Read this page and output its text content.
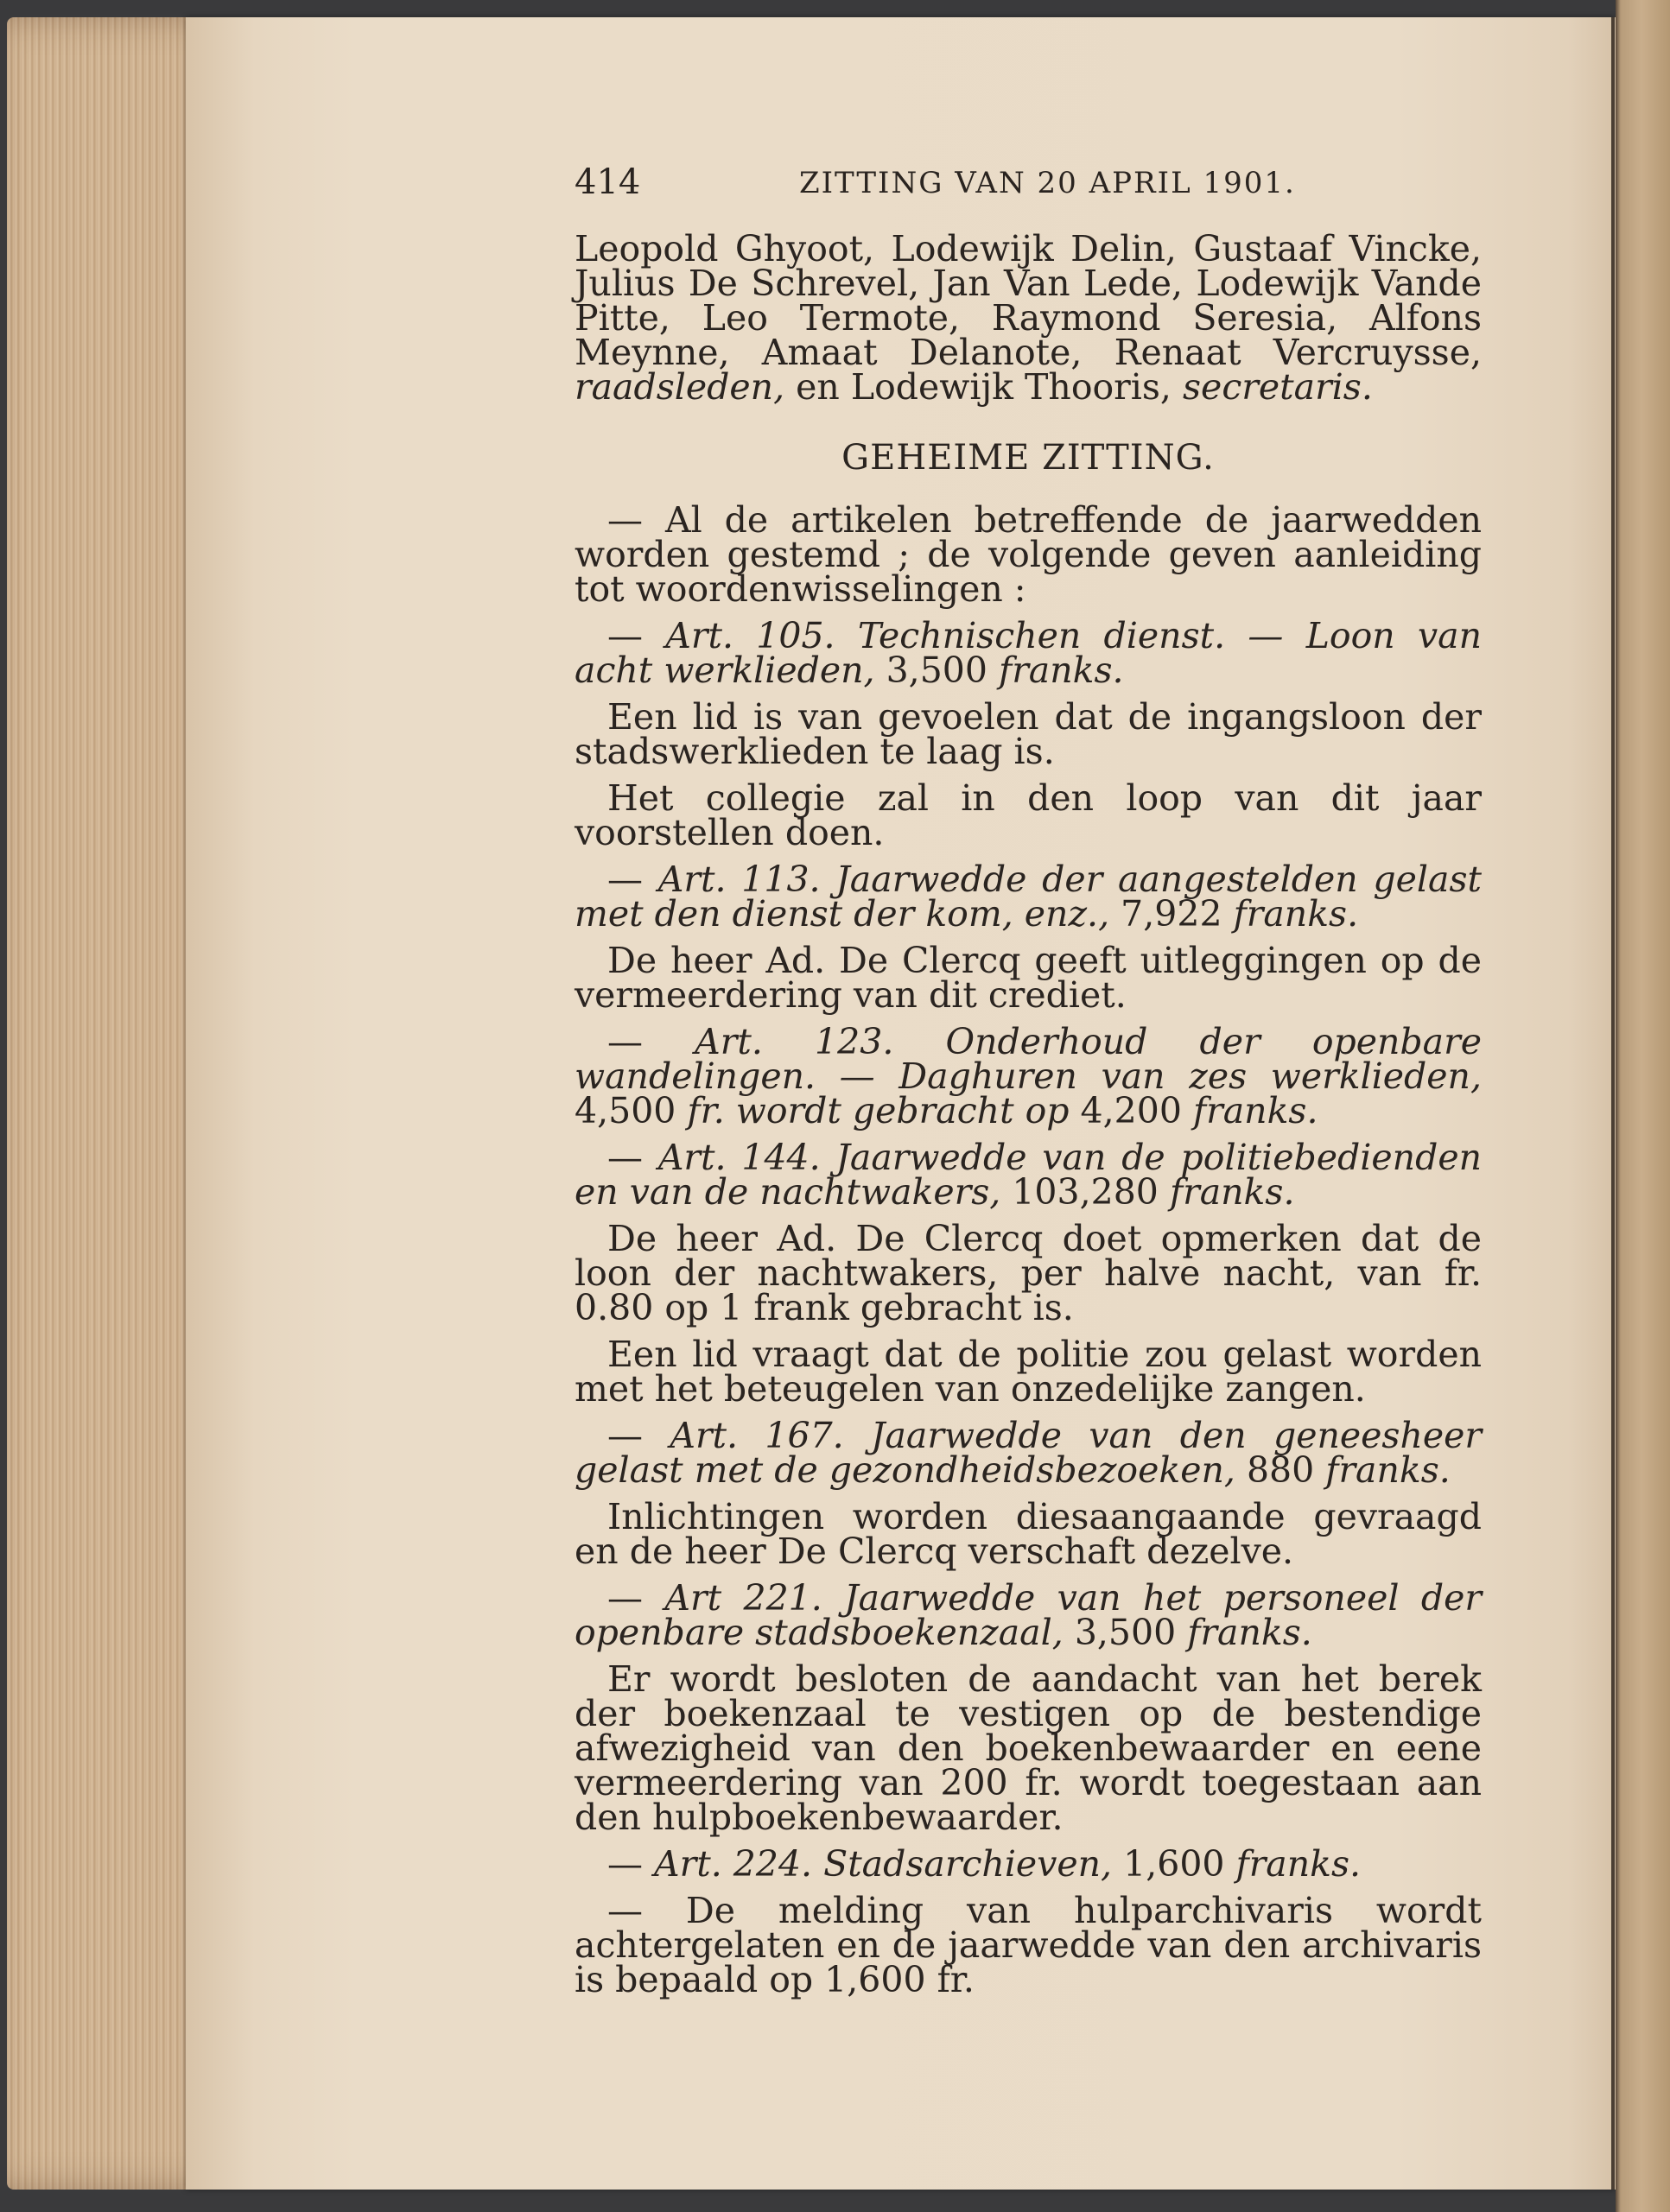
414	ZITTING VAN 20 APRIL 1901.

Leopold Ghyoot, Lodewijk Delin, Gustaaf Vincke, Julius De Schrevel, Jan Van Lede, Lodewijk Vande Pitte, Leo Termote, Raymond Seresia, Alfons Meynne, Amaat Delanote, Renaat Vercruysse, raadsleden, en Lodewijk Thooris, secretaris.

GEHEIME ZITTING.

— Al de artikelen betreffende de jaarwedden worden gestemd ; de volgende geven aanleiding tot woordenwisselingen :

— Art. 105. Technischen dienst. — Loon van acht werklieden, 3,500 franks.

Een lid is van gevoelen dat de ingangsloon der stadswerklieden te laag is.

Het collegie zal in den loop van dit jaar voorstellen doen.

— Art. 113. Jaarwedde der aangestelden gelast met den dienst der kom, enz., 7,922 franks.

De heer Ad. De Clercq geeft uitleggingen op de vermeerdering van dit crediet.

— Art. 123. Onderhoud der openbare wandelingen. — Daghuren van zes werklieden, 4,500 fr. wordt gebracht op 4,200 franks.

— Art. 144. Jaarwedde van de politiebedienden en van de nachtwakers, 103,280 franks.

De heer Ad. De Clercq doet opmerken dat de loon der nachtwakers, per halve nacht, van fr. 0.80 op 1 frank gebracht is.

Een lid vraagt dat de politie zou gelast worden met het beteugelen van onzedelijke zangen.

— Art. 167. Jaarwedde van den geneesheer gelast met de gezondheidsbezoeken, 880 franks.

Inlichtingen worden diesaangaande gevraagd en de heer De Clercq verschaft dezelve.

— Art 221. Jaarwedde van het personeel der openbare stadsboekenzaal, 3,500 franks.

Er wordt besloten de aandacht van het berek der boekenzaal te vestigen op de bestendige afwezigheid van den boekenbewaarder en eene vermeerdering van 200 fr. wordt toegestaan aan den hulpboekenbewaarder.

— Art. 224. Stadsarchieven, 1,600 franks.

— De melding van hulparchivaris wordt achtergelaten en de jaarwedde van den archivaris is bepaald op 1,600 fr.
